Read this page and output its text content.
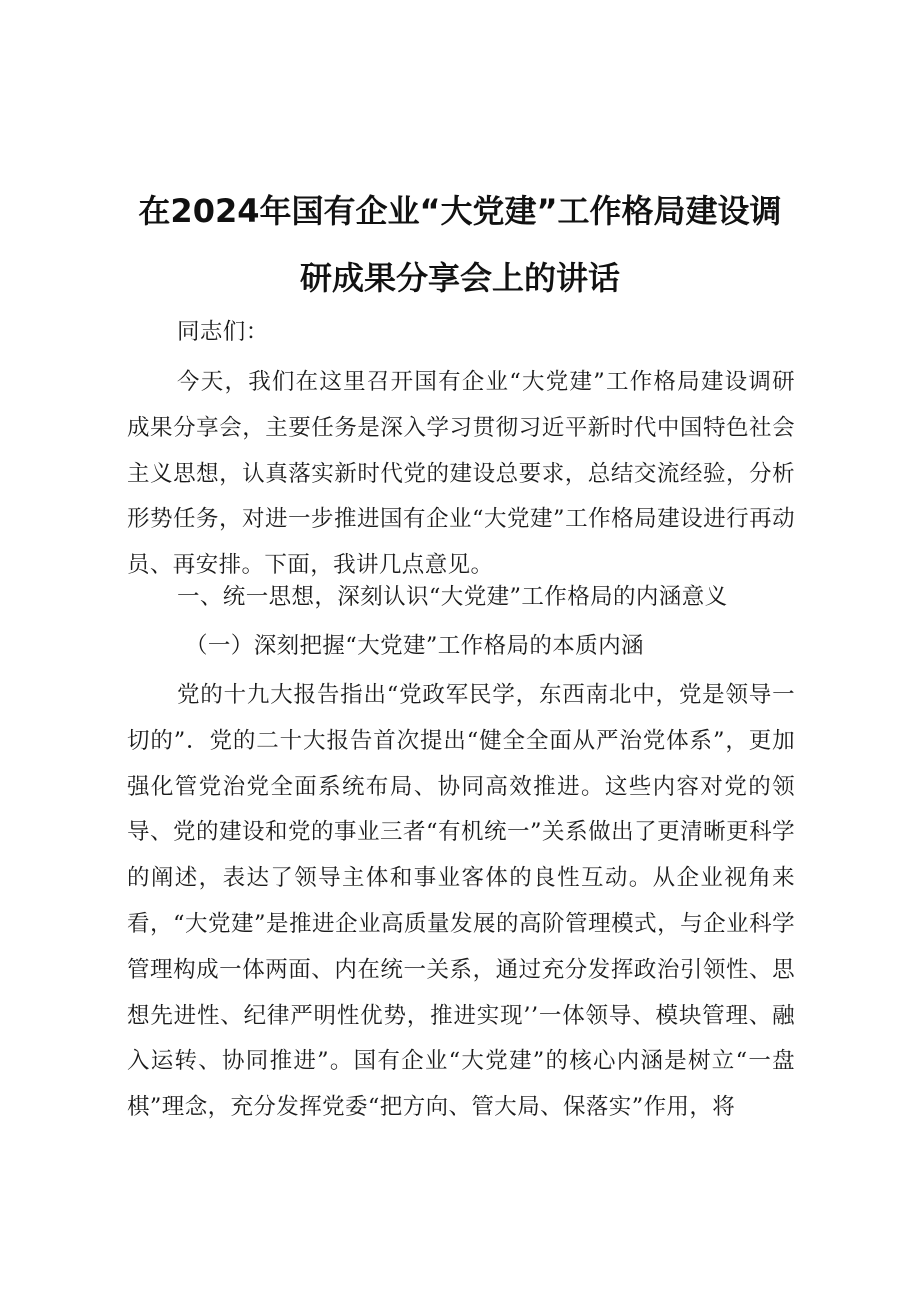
在2024年国有企业“大党建”工作格局建设调
研成果分享会上的讲话

同志们：

今天，我们在这里召开国有企业“大党建”工作格局建设调研成果分享会，主要任务是深入学习贯彻习近平新时代中国特色社会主义思想，认真落实新时代党的建设总要求，总结交流经验，分析形势任务，对进一步推进国有企业“大党建”工作格局建设进行再动员、再安排。下面，我讲几点意见。

一、统一思想，深刻认识“大党建”工作格局的内涵意义

（一）深刻把握“大党建”工作格局的本质内涵

党的十九大报告指出“党政军民学，东西南北中，党是领导一切的”．党的二十大报告首次提出“健全全面从严治党体系”，更加强化管党治党全面系统布局、协同高效推进。这些内容对党的领导、党的建设和党的事业三者“有机统一”关系做出了更清晰更科学的阐述，表达了领导主体和事业客体的良性互动。从企业视角来看，“大党建”是推进企业高质量发展的高阶管理模式，与企业科学管理构成一体两面、内在统一关系，通过充分发挥政治引领性、思想先进性、纪律严明性优势，推进实现’’一体领导、模块管理、融入运转、协同推进”。国有企业“大党建”的核心内涵是树立“一盘棋”理念，充分发挥党委“把方向、管大局、保落实”作用，将
